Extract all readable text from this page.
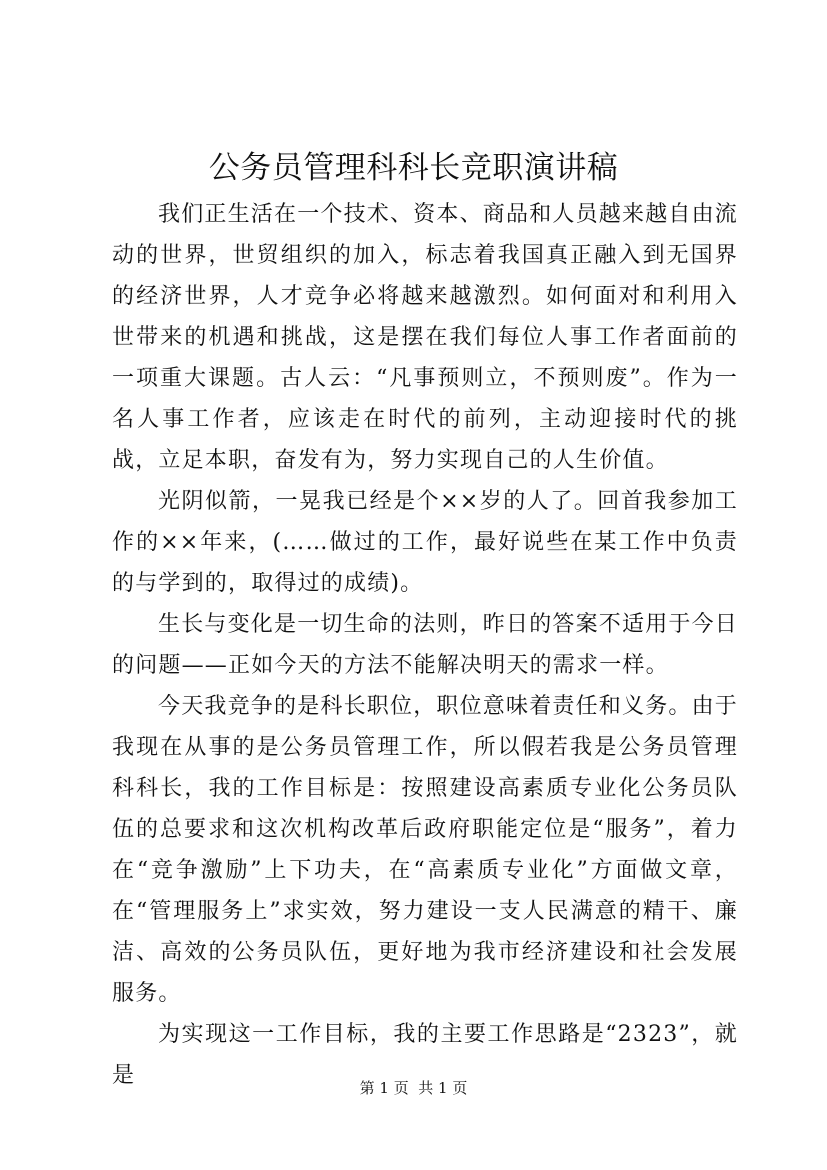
公务员管理科科长竞职演讲稿

我们正生活在一个技术、资本、商品和人员越来越自由流动的世界，世贸组织的加入，标志着我国真正融入到无国界的经济世界，人才竞争必将越来越激烈。如何面对和利用入世带来的机遇和挑战，这是摆在我们每位人事工作者面前的一项重大课题。古人云：“凡事预则立，不预则废”。作为一名人事工作者，应该走在时代的前列，主动迎接时代的挑战，立足本职，奋发有为，努力实现自己的人生价值。

光阴似箭，一晃我已经是个××岁的人了。回首我参加工作的××年来，(……做过的工作，最好说些在某工作中负责的与学到的，取得过的成绩)。

生长与变化是一切生命的法则，昨日的答案不适用于今日的问题——正如今天的方法不能解决明天的需求一样。

今天我竞争的是科长职位，职位意味着责任和义务。由于我现在从事的是公务员管理工作，所以假若我是公务员管理科科长，我的工作目标是：按照建设高素质专业化公务员队伍的总要求和这次机构改革后政府职能定位是“服务”，着力在“竞争激励”上下功夫，在“高素质专业化”方面做文章，在“管理服务上”求实效，努力建设一支人民满意的精干、廉洁、高效的公务员队伍，更好地为我市经济建设和社会发展服务。

为实现这一工作目标，我的主要工作思路是“2323”，就是	第 1 页  共 1 页
